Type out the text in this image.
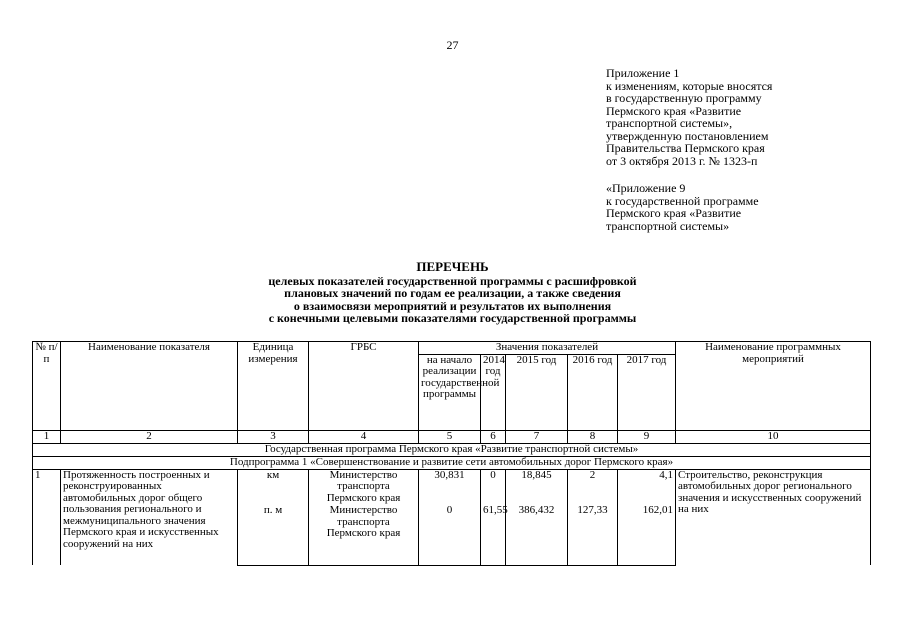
27
Приложение 1
к изменениям, которые вносятся
в государственную программу
Пермского края «Развитие
транспортной системы»,
утвержденную постановлением
Правительства Пермского края
от 3 октября 2013 г. № 1323-п
«Приложение 9
к государственной программе
Пермского края «Развитие
транспортной системы»
ПЕРЕЧЕНЬ
целевых показателей государственной программы с расшифровкой
плановых значений по годам ее реализации, а также сведения
о взаимосвязи мероприятий и результатов их выполнения
с конечными целевыми показателями государственной программы
№ п/п	Наименование показателя	Единица измерения	ГРБС	Значения показателей					Наименование программных мероприятий
				на начало реализации государственной программы	2014 год	2015 год	2016 год	2017 год	
1	2	3	4	5	6	7	8	9	10
Государственная программа Пермского края «Развитие транспортной системы»									
Подпрограмма 1 «Совершенствование и развитие сети автомобильных дорог Пермского края»									
1	Протяженность построенных и реконструированных автомобильных дорог общего пользования регионального и межмуниципального значения Пермского края и искусственных сооружений на них	км	Министерство транспорта Пермского края	30,831	0	18,845	2	4,1	Строительство, реконструкция автомобильных дорог регионального значения и искусственных сооружений на них
		п. м	Министерство транспорта Пермского края	0	61,55	386,432	127,33	162,01	
